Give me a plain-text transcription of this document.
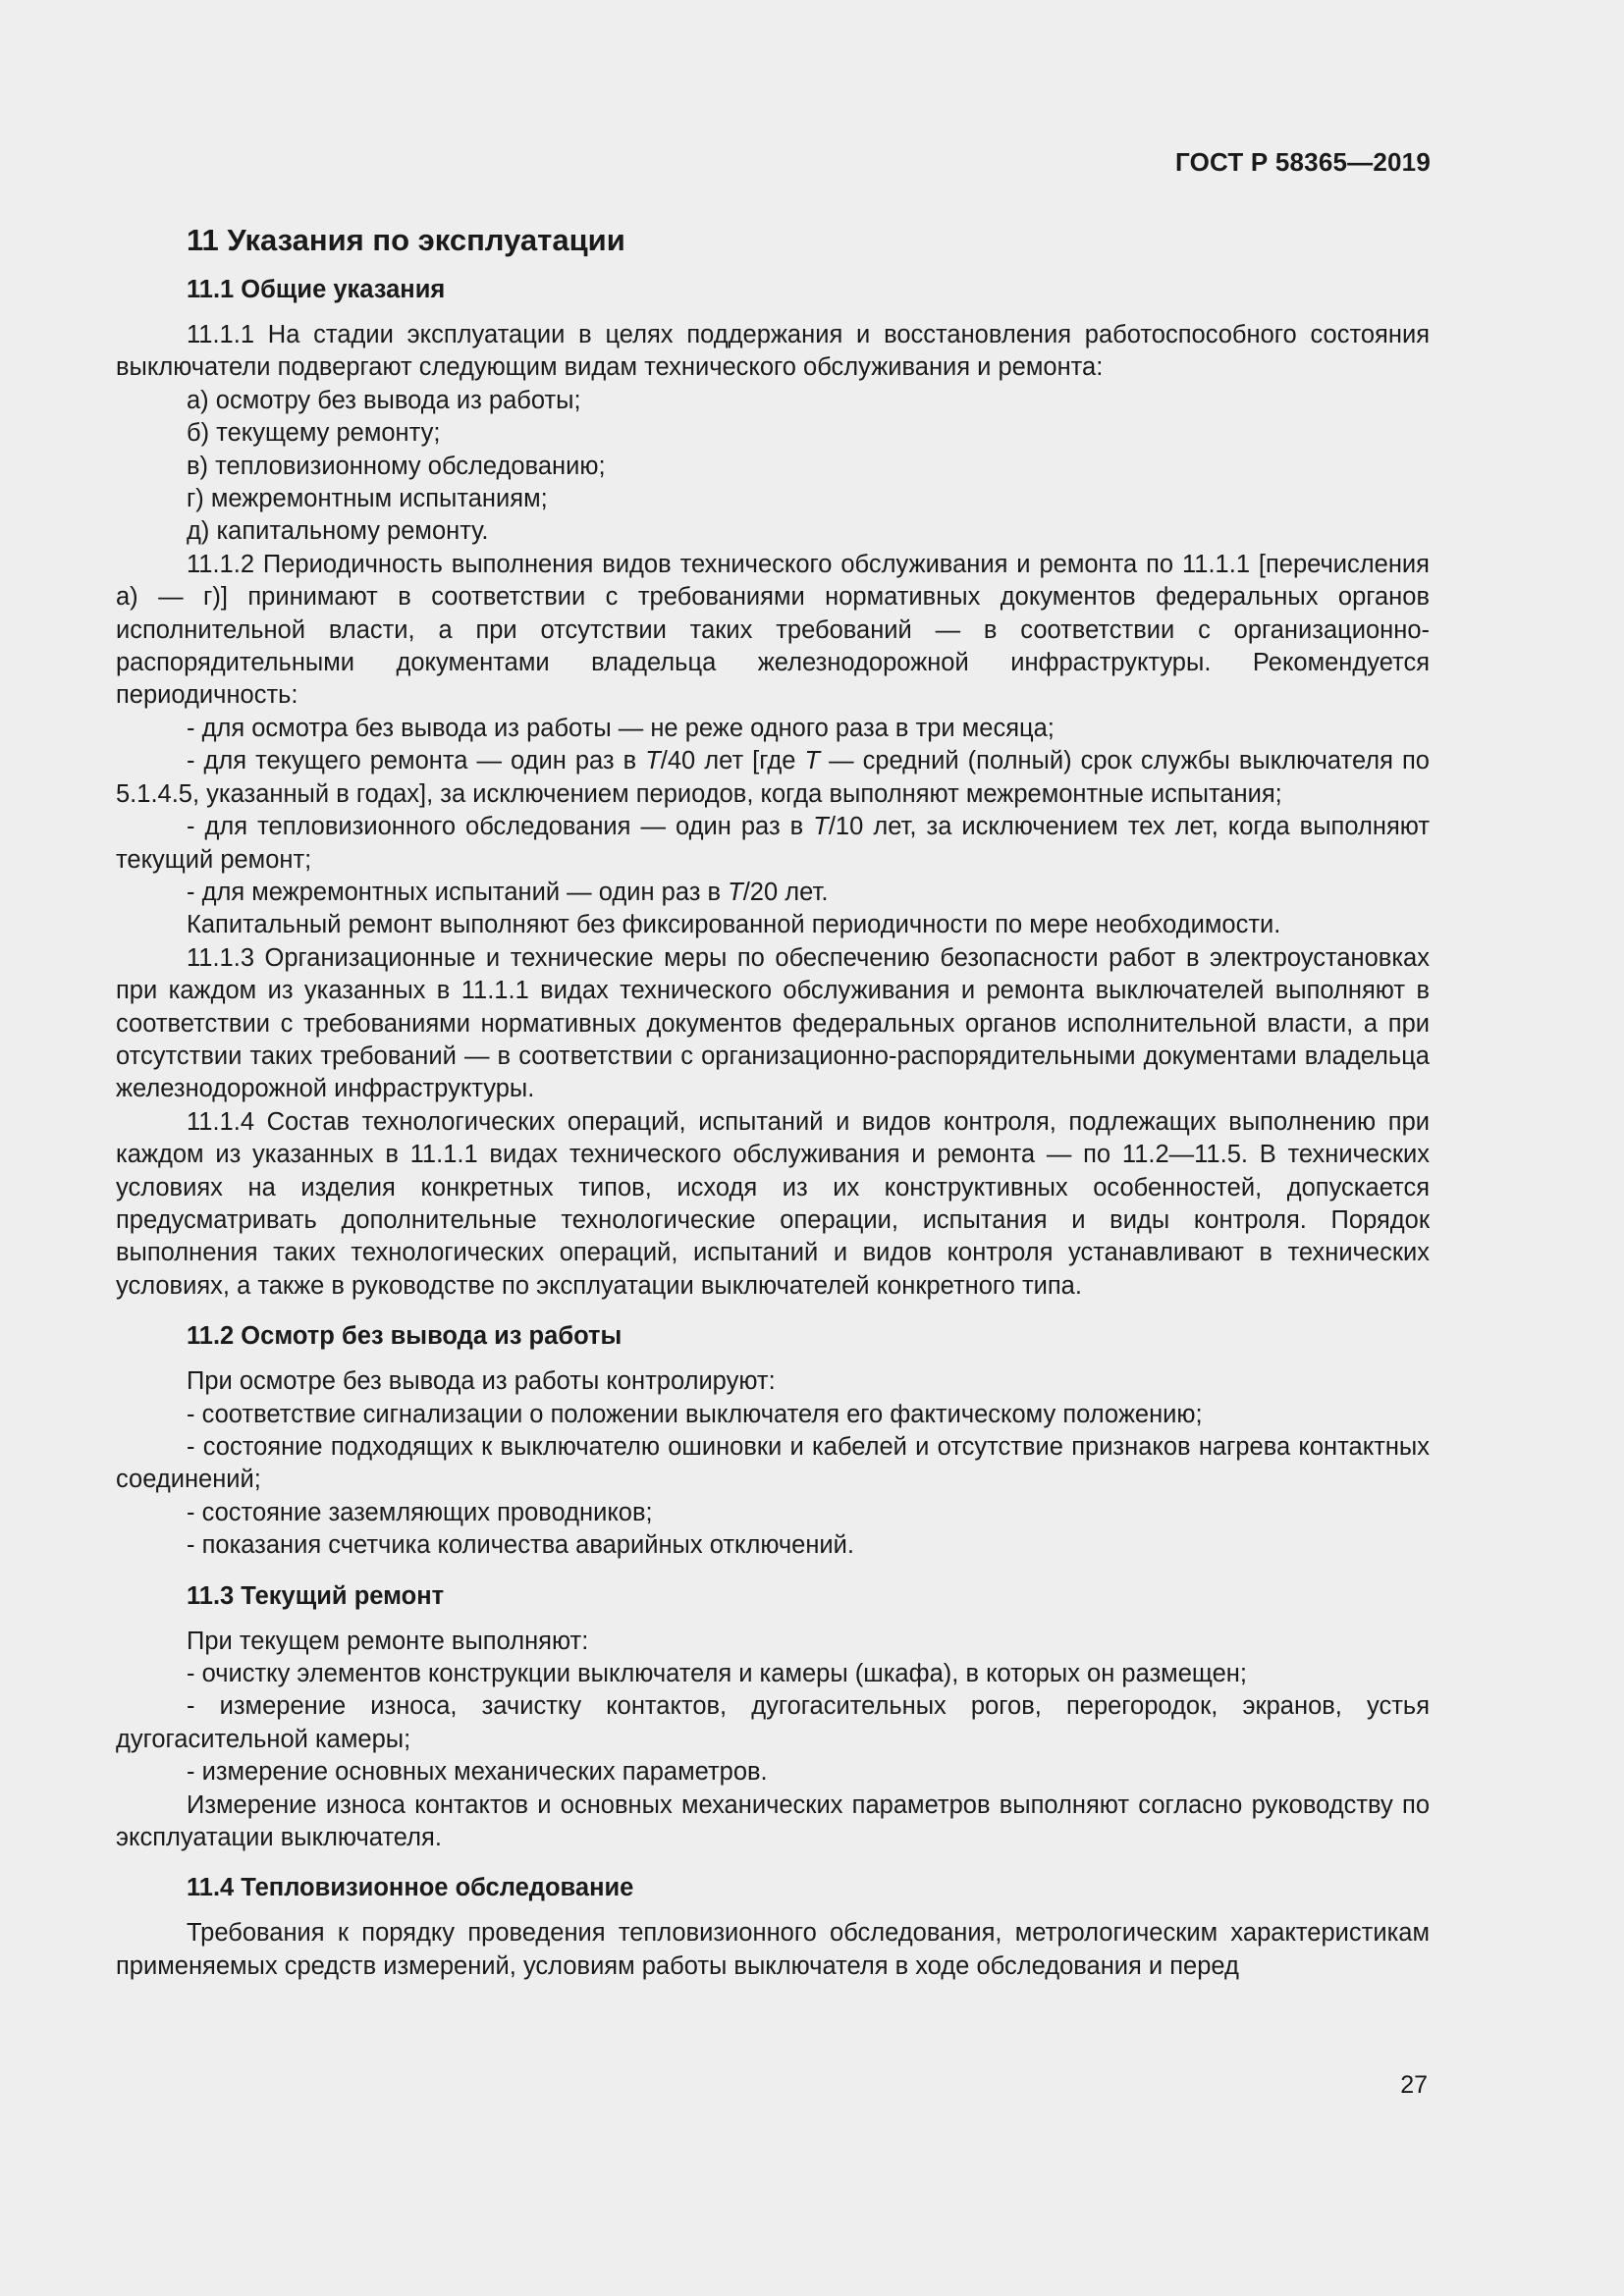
ГОСТ Р 58365—2019
11 Указания по эксплуатации
11.1 Общие указания

11.1.1 На стадии эксплуатации в целях поддержания и восстановления работоспособного состояния выключатели подвергают следующим видам технического обслуживания и ремонта:

а) осмотру без вывода из работы;

б) текущему ремонту;

в) тепловизионному обследованию;

г) межремонтным испытаниям;

д) капитальному ремонту.

11.1.2 Периодичность выполнения видов технического обслуживания и ремонта по 11.1.1 [перечисления а) — г)] принимают в соответствии с требованиями нормативных документов федеральных органов исполнительной власти, а при отсутствии таких требований — в соответствии с организационно-распорядительными документами владельца железнодорожной инфраструктуры. Рекомендуется периодичность:

- для осмотра без вывода из работы — не реже одного раза в три месяца;

- для текущего ремонта — один раз в Т/40 лет [где Т — средний (полный) срок службы выключателя по 5.1.4.5, указанный в годах], за исключением периодов, когда выполняют межремонтные испытания;

- для тепловизионного обследования — один раз в Т/10 лет, за исключением тех лет, когда выполняют текущий ремонт;

- для межремонтных испытаний — один раз в Т/20 лет.

Капитальный ремонт выполняют без фиксированной периодичности по мере необходимости.

11.1.3 Организационные и технические меры по обеспечению безопасности работ в электроустановках при каждом из указанных в 11.1.1 видах технического обслуживания и ремонта выключателей выполняют в соответствии с требованиями нормативных документов федеральных органов исполнительной власти, а при отсутствии таких требований — в соответствии с организационно-распорядительными документами владельца железнодорожной инфраструктуры.

11.1.4 Состав технологических операций, испытаний и видов контроля, подлежащих выполнению при каждом из указанных в 11.1.1 видах технического обслуживания и ремонта — по 11.2—11.5. В технических условиях на изделия конкретных типов, исходя из их конструктивных особенностей, допускается предусматривать дополнительные технологические операции, испытания и виды контроля. Порядок выполнения таких технологических операций, испытаний и видов контроля устанавливают в технических условиях, а также в руководстве по эксплуатации выключателей конкретного типа.

11.2 Осмотр без вывода из работы

При осмотре без вывода из работы контролируют:

- соответствие сигнализации о положении выключателя его фактическому положению;

- состояние подходящих к выключателю ошиновки и кабелей и отсутствие признаков нагрева контактных соединений;

- состояние заземляющих проводников;

- показания счетчика количества аварийных отключений.

11.3 Текущий ремонт

При текущем ремонте выполняют:

- очистку элементов конструкции выключателя и камеры (шкафа), в которых он размещен;

- измерение износа, зачистку контактов, дугогасительных рогов, перегородок, экранов, устья дугогасительной камеры;

- измерение основных механических параметров.

Измерение износа контактов и основных механических параметров выполняют согласно руководству по эксплуатации выключателя.

11.4 Тепловизионное обследование

Требования к порядку проведения тепловизионного обследования, метрологическим характеристикам применяемых средств измерений, условиям работы выключателя в ходе обследования и перед

27
